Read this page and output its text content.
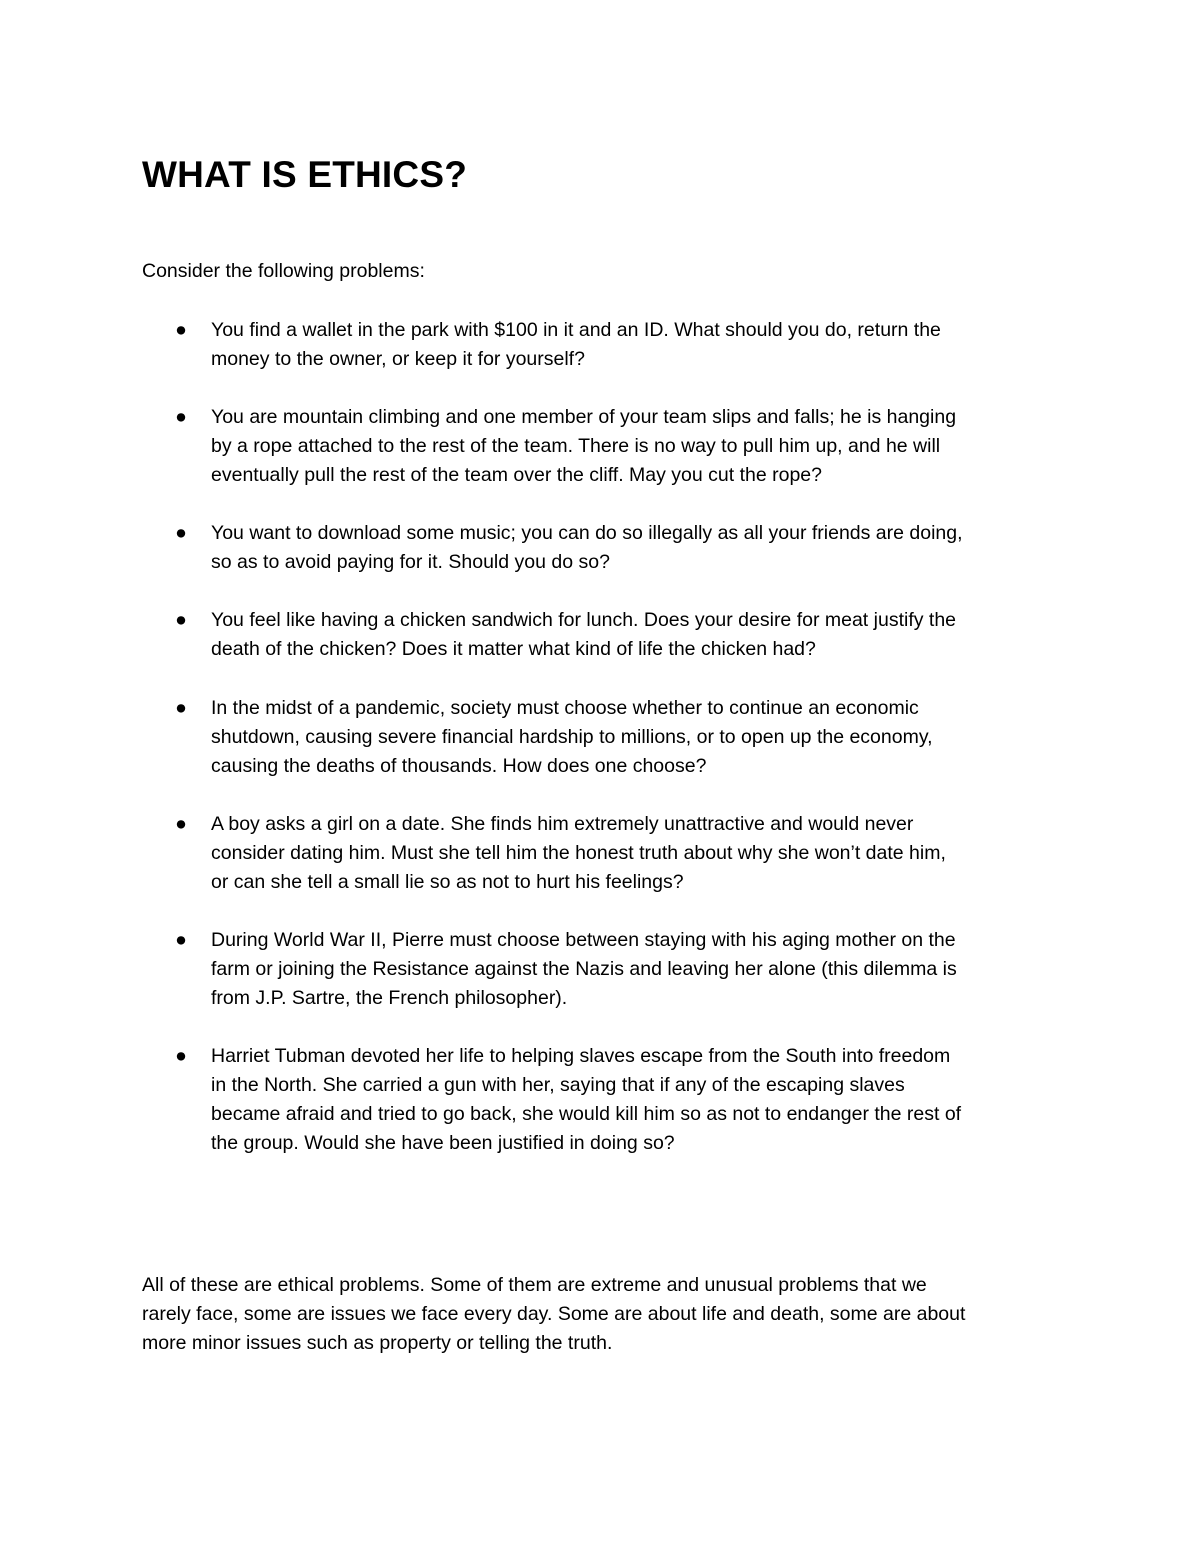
WHAT IS ETHICS?

Consider the following problems:

● You find a wallet in the park with $100 in it and an ID. What should you do, return the
money to the owner, or keep it for yourself?
● You are mountain climbing and one member of your team slips and falls; he is hanging
by a rope attached to the rest of the team. There is no way to pull him up, and he will
eventually pull the rest of the team over the cliff. May you cut the rope?
● You want to download some music; you can do so illegally as all your friends are doing,
so as to avoid paying for it. Should you do so?
● You feel like having a chicken sandwich for lunch. Does your desire for meat justify the
death of the chicken? Does it matter what kind of life the chicken had?
● In the midst of a pandemic, society must choose whether to continue an economic
shutdown, causing severe financial hardship to millions, or to open up the economy,
causing the deaths of thousands. How does one choose?
● A boy asks a girl on a date. She finds him extremely unattractive and would never
consider dating him. Must she tell him the honest truth about why she won’t date him,
or can she tell a small lie so as not to hurt his feelings?
● During World War II, Pierre must choose between staying with his aging mother on the
farm or joining the Resistance against the Nazis and leaving her alone (this dilemma is
from J.P. Sartre, the French philosopher).
● Harriet Tubman devoted her life to helping slaves escape from the South into freedom
in the North. She carried a gun with her, saying that if any of the escaping slaves
became afraid and tried to go back, she would kill him so as not to endanger the rest of
the group. Would she have been justified in doing so?

All of these are ethical problems. Some of them are extreme and unusual problems that we
rarely face, some are issues we face every day. Some are about life and death, some are about
more minor issues such as property or telling the truth.
